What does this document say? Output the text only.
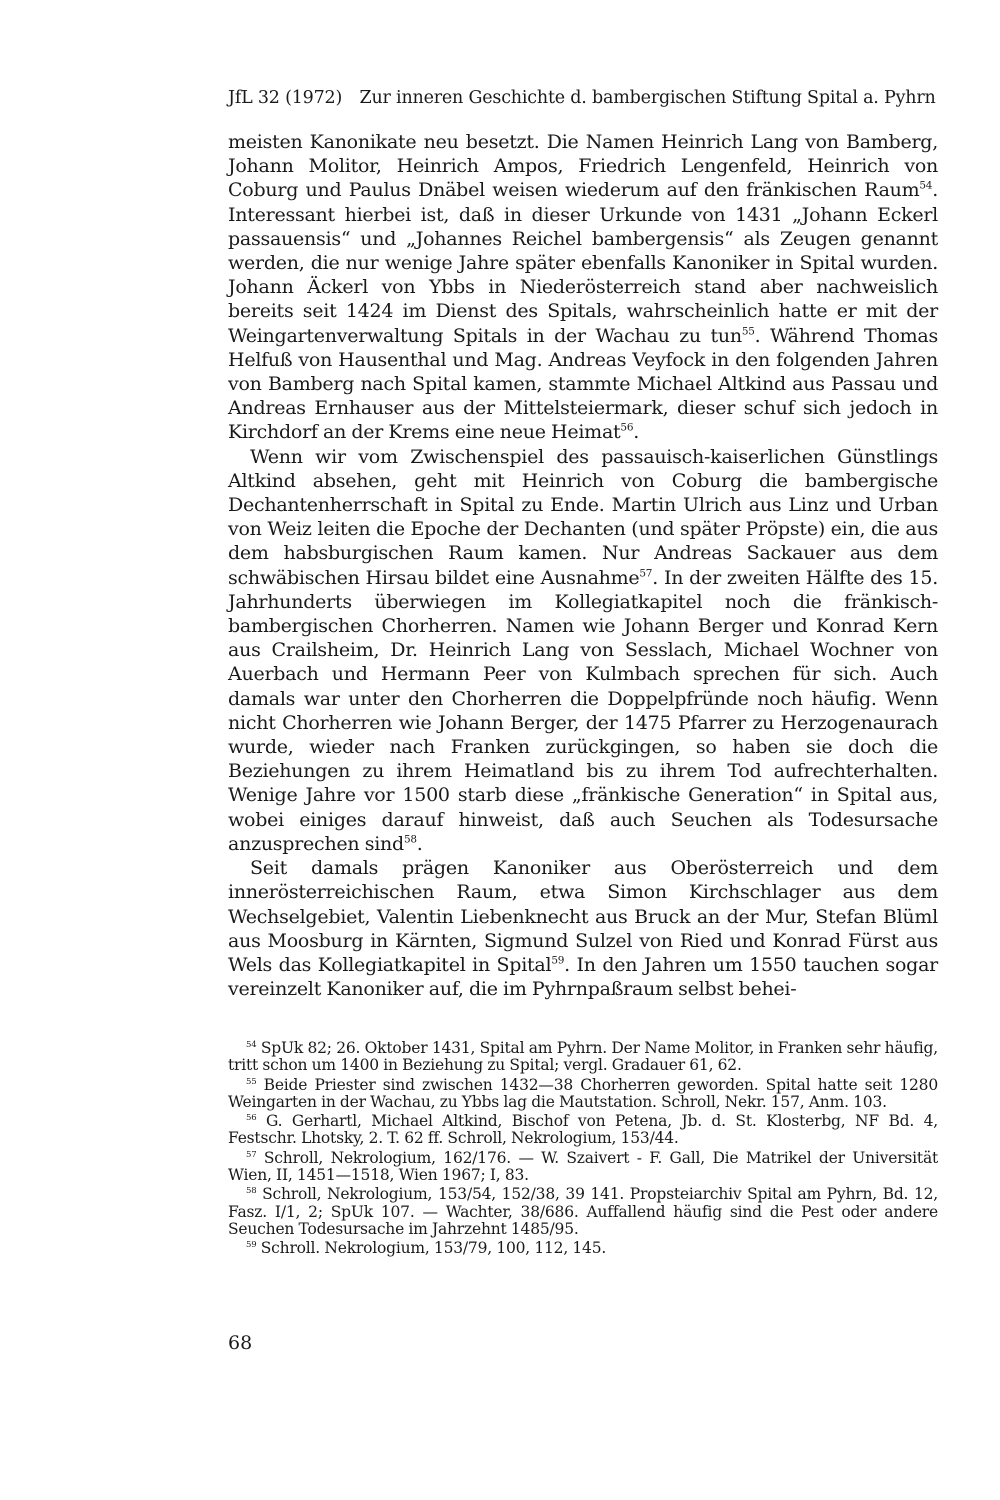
JfL 32 (1972) Zur inneren Geschichte d. bambergischen Stiftung Spital a. Pyhrn

meisten Kanonikate neu besetzt. Die Namen Heinrich Lang von Bamberg, Johann Molitor, Heinrich Ampos, Friedrich Lengenfeld, Heinrich von Coburg und Paulus Dnäbel weisen wiederum auf den fränkischen Raum$^{54}$. Interessant hierbei ist, daß in dieser Urkunde von 1431 „Johann Eckerl passauensis“ und „Johannes Reichel bambergensis“ als Zeugen genannt werden, die nur wenige Jahre später ebenfalls Kanoniker in Spital wurden. Johann Äckerl von Ybbs in Niederösterreich stand aber nachweislich bereits seit 1424 im Dienst des Spitals, wahrscheinlich hatte er mit der Weingartenverwaltung Spitals in der Wachau zu tun$^{55}$. Während Thomas Helfuß von Hausenthal und Mag. Andreas Veyfock in den folgenden Jahren von Bamberg nach Spital kamen, stammte Michael Altkind aus Passau und Andreas Ernhauser aus der Mittelsteiermark, dieser schuf sich jedoch in Kirchdorf an der Krems eine neue Heimat$^{56}$.

Wenn wir vom Zwischenspiel des passauisch-kaiserlichen Günstlings Altkind absehen, geht mit Heinrich von Coburg die bambergische Dechantenherrschaft in Spital zu Ende. Martin Ulrich aus Linz und Urban von Weiz leiten die Epoche der Dechanten (und später Pröpste) ein, die aus dem habsburgischen Raum kamen. Nur Andreas Sackauer aus dem schwäbischen Hirsau bildet eine Ausnahme$^{57}$. In der zweiten Hälfte des 15. Jahrhunderts überwiegen im Kollegiatkapitel noch die fränkisch-bambergischen Chorherren. Namen wie Johann Berger und Konrad Kern aus Crailsheim, Dr. Heinrich Lang von Sesslach, Michael Wochner von Auerbach und Hermann Peer von Kulmbach sprechen für sich. Auch damals war unter den Chorherren die Doppelpfründe noch häufig. Wenn nicht Chorherren wie Johann Berger, der 1475 Pfarrer zu Herzogenaurach wurde, wieder nach Franken zurückgingen, so haben sie doch die Beziehungen zu ihrem Heimatland bis zu ihrem Tod aufrechterhalten. Wenige Jahre vor 1500 starb diese „fränkische Generation“ in Spital aus, wobei einiges darauf hinweist, daß auch Seuchen als Todesursache anzusprechen sind$^{58}$.

Seit damals prägen Kanoniker aus Oberösterreich und dem innerösterreichischen Raum, etwa Simon Kirchschlager aus dem Wechselgebiet, Valentin Liebenknecht aus Bruck an der Mur, Stefan Blüml aus Moosburg in Kärnten, Sigmund Sulzel von Ried und Konrad Fürst aus Wels das Kollegiatkapitel in Spital$^{59}$. In den Jahren um 1550 tauchen sogar vereinzelt Kanoniker auf, die im Pyhrnpaßraum selbst behei-

$^{54}$ SpUk 82; 26. Oktober 1431, Spital am Pyhrn. Der Name Molitor, in Franken sehr häufig, tritt schon um 1400 in Beziehung zu Spital; vergl. Gradauer 61, 62.

$^{55}$ Beide Priester sind zwischen 1432—38 Chorherren geworden. Spital hatte seit 1280 Weingarten in der Wachau, zu Ybbs lag die Mautstation. Schroll, Nekr. 157, Anm. 103.

$^{56}$ G. Gerhartl, Michael Altkind, Bischof von Petena, Jb. d. St. Klosterbg, NF Bd. 4, Festschr. Lhotsky, 2. T. 62 ff. Schroll, Nekrologium, 153/44.

$^{57}$ Schroll, Nekrologium, 162/176. — W. Szaivert - F. Gall, Die Matrikel der Universität Wien, II, 1451—1518, Wien 1967; I, 83.

$^{58}$ Schroll, Nekrologium, 153/54, 152/38, 39 141. Propsteiarchiv Spital am Pyhrn, Bd. 12, Fasz. I/1, 2; SpUk 107. — Wachter, 38/686. Auffallend häufig sind die Pest oder andere Seuchen Todesursache im Jahrzehnt 1485/95.

$^{59}$ Schroll. Nekrologium, 153/79, 100, 112, 145.

68
